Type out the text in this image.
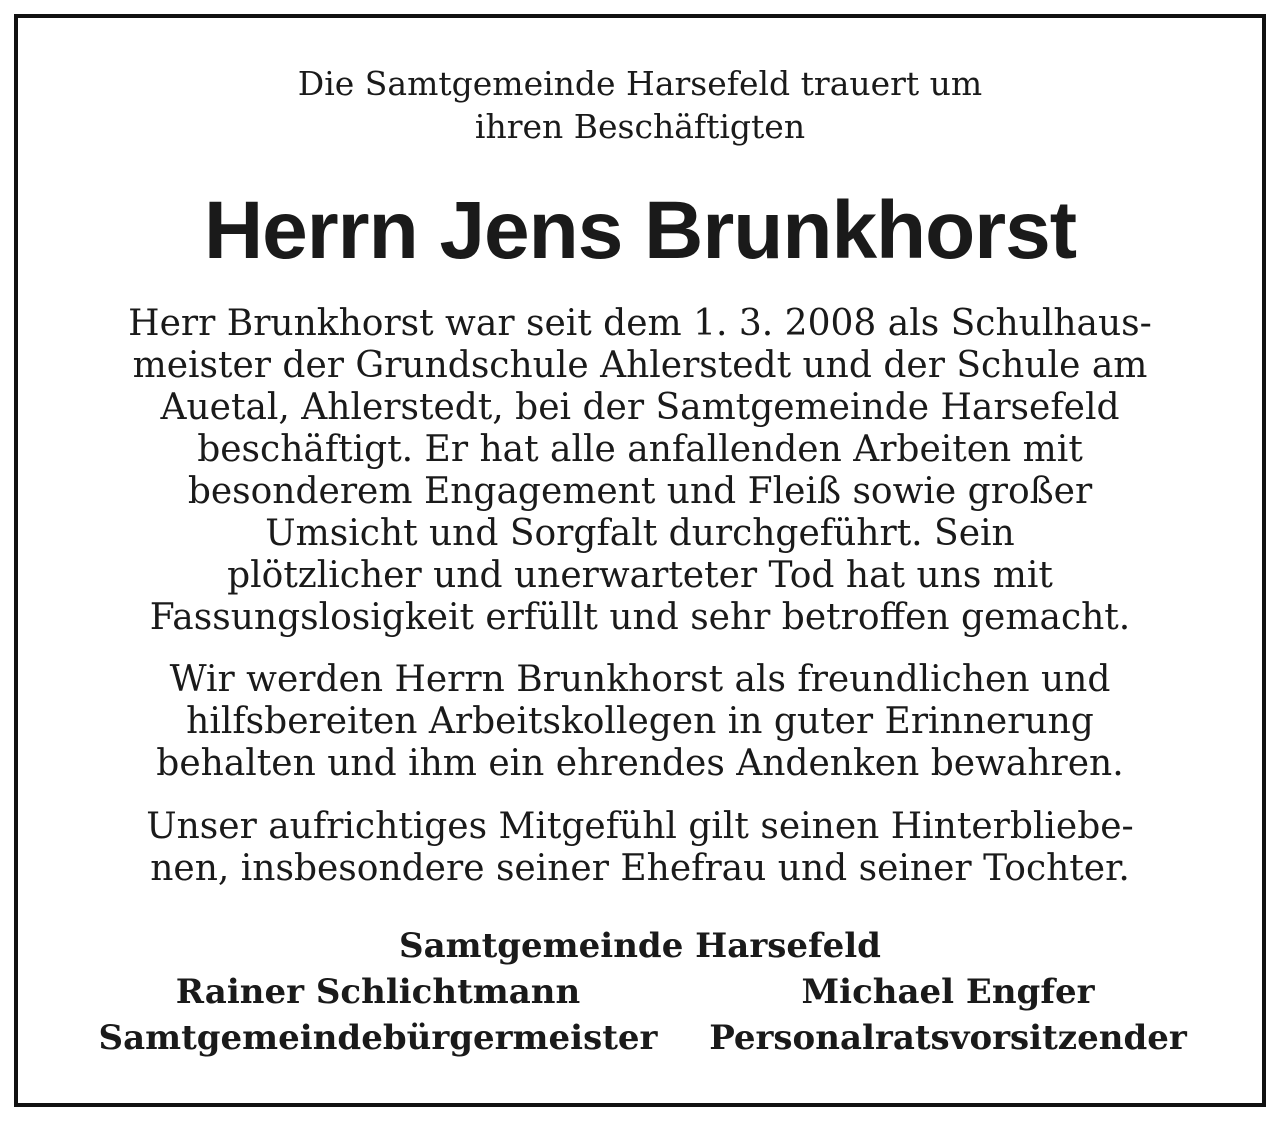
Die Samtgemeinde Harsefeld trauert um
ihren Beschäftigten
Herrn Jens Brunkhorst
Herr Brunkhorst war seit dem 1. 3. 2008 als Schulhaus-
meister der Grundschule Ahlerstedt und der Schule am
Auetal, Ahlerstedt, bei der Samtgemeinde Harsefeld
beschäftigt. Er hat alle anfallenden Arbeiten mit
besonderem Engagement und Fleiß sowie großer
Umsicht und Sorgfalt durchgeführt. Sein
plötzlicher und unerwarteter Tod hat uns mit
Fassungslosigkeit erfüllt und sehr betroffen gemacht.
Wir werden Herrn Brunkhorst als freundlichen und
hilfsbereiten Arbeitskollegen in guter Erinnerung
behalten und ihm ein ehrendes Andenken bewahren.
Unser aufrichtiges Mitgefühl gilt seinen Hinterbliebe-
nen, insbesondere seiner Ehefrau und seiner Tochter.
Samtgemeinde Harsefeld
Rainer Schlichtmann
Samtgemeindebürgermeister
Michael Engfer
Personalratsvorsitzender
